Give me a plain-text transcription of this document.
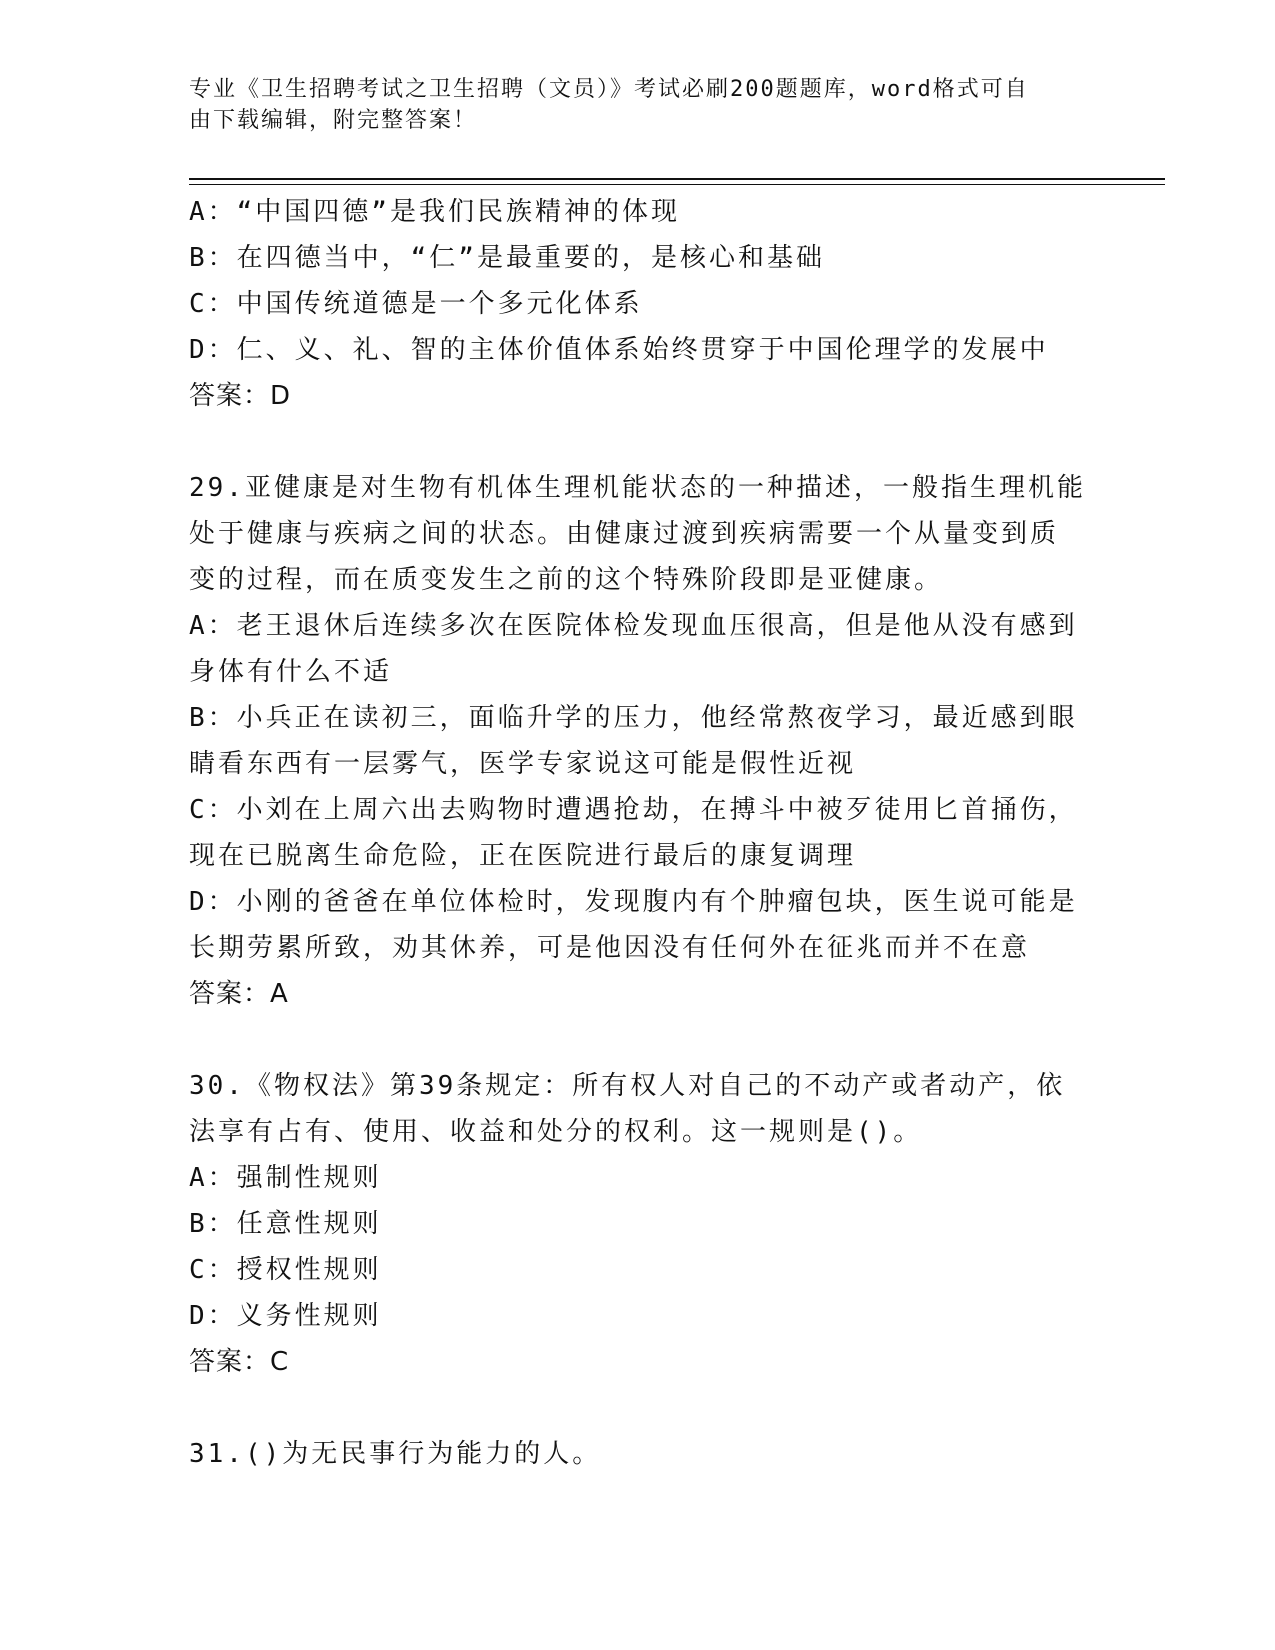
专业《卫生招聘考试之卫生招聘（文员）》考试必刷200题题库，word格式可自
由下载编辑，附完整答案！
A：“中国四德”是我们民族精神的体现
B：在四德当中，“仁”是最重要的，是核心和基础
C：中国传统道德是一个多元化体系
D：仁、义、礼、智的主体价值体系始终贯穿于中国伦理学的发展中
答案：D
29.亚健康是对生物有机体生理机能状态的一种描述，一般指生理机能
处于健康与疾病之间的状态。由健康过渡到疾病需要一个从量变到质
变的过程，而在质变发生之前的这个特殊阶段即是亚健康。
A：老王退休后连续多次在医院体检发现血压很高，但是他从没有感到
身体有什么不适
B：小兵正在读初三，面临升学的压力，他经常熬夜学习，最近感到眼
睛看东西有一层雾气，医学专家说这可能是假性近视
C：小刘在上周六出去购物时遭遇抢劫，在搏斗中被歹徒用匕首捅伤，
现在已脱离生命危险，正在医院进行最后的康复调理
D：小刚的爸爸在单位体检时，发现腹内有个肿瘤包块，医生说可能是
长期劳累所致，劝其休养，可是他因没有任何外在征兆而并不在意
答案：A
30.《物权法》第39条规定：所有权人对自己的不动产或者动产，依
法享有占有、使用、收益和处分的权利。这一规则是()。
A：强制性规则
B：任意性规则
C：授权性规则
D：义务性规则
答案：C
31.()为无民事行为能力的人。
